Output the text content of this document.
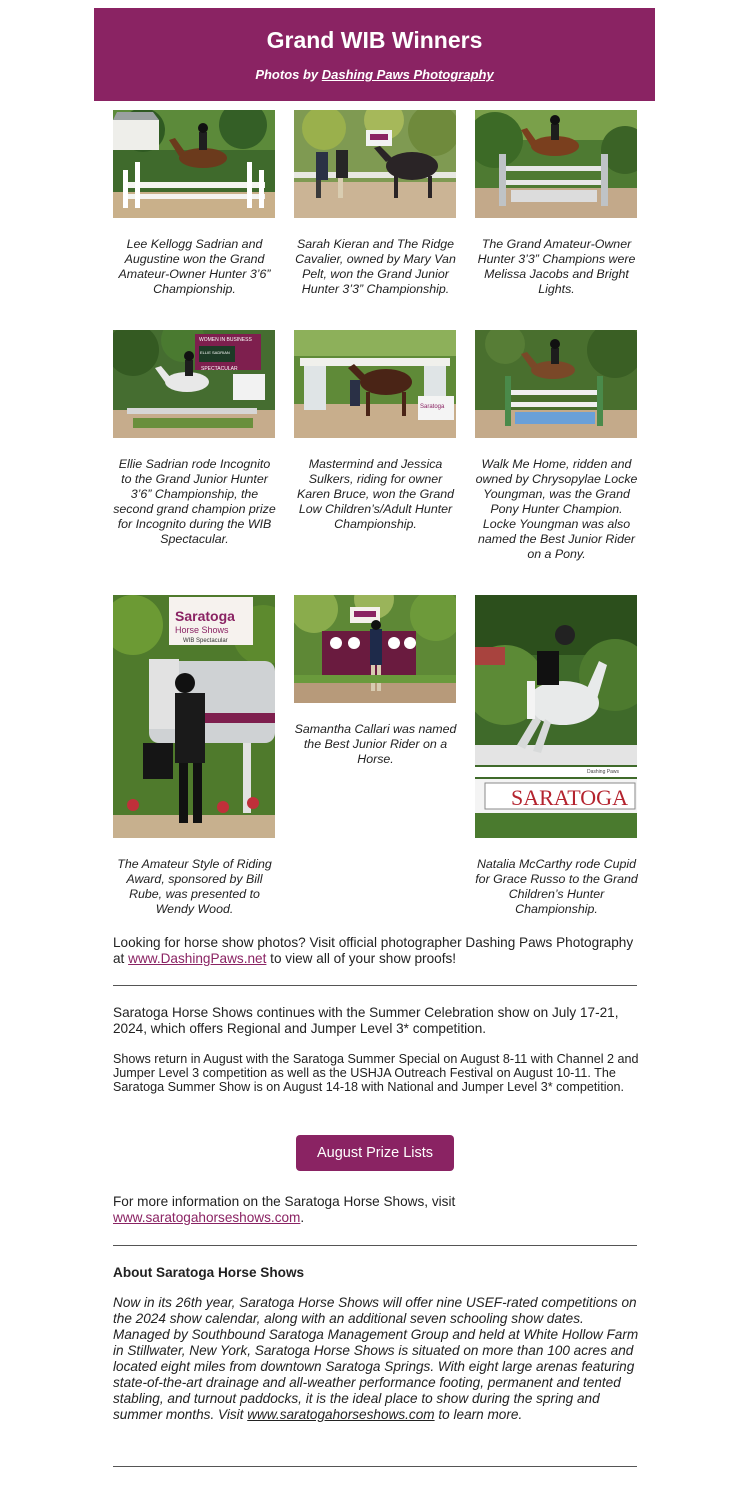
Grand WIB Winners
Photos by Dashing Paws Photography
Lee Kellogg Sadrian and Augustine won the Grand Amateur-Owner Hunter 3’6” Championship.
Sarah Kieran and The Ridge Cavalier, owned by Mary Van Pelt, won the Grand Junior Hunter 3’3” Championship.
The Grand Amateur-Owner Hunter 3’3” Champions were Melissa Jacobs and Bright Lights.
WOMEN IN BUSINESS
ELLIE SADRIAN
SPECTACULAR
Ellie Sadrian rode Incognito to the Grand Junior Hunter 3’6” Championship, the second grand champion prize for Incognito during the WIB Spectacular.
Saratoga
Mastermind and Jessica Sulkers, riding for owner Karen Bruce, won the Grand Low Children’s/Adult Hunter Championship.
Walk Me Home, ridden and owned by Chrysopylae Locke Youngman, was the Grand Pony Hunter Champion. Locke Youngman was also named the Best Junior Rider on a Pony.
Saratoga
Horse Shows
WIB Spectacular
The Amateur Style of Riding Award, sponsored by Bill Rube, was presented to Wendy Wood.
Samantha Callari was named the Best Junior Rider on a Horse.
SARATOGA
Dashing Paws
Natalia McCarthy rode Cupid for Grace Russo to the Grand Children’s Hunter Championship.
Looking for horse show photos? Visit official photographer Dashing Paws Photography at www.DashingPaws.net to view all of your show proofs!
Saratoga Horse Shows continues with the Summer Celebration show on July 17-21, 2024, which offers Regional and Jumper Level 3* competition.
Shows return in August with the Saratoga Summer Special on August 8-11 with Channel 2 and Jumper Level 3 competition as well as the USHJA Outreach Festival on August 10-11. The Saratoga Summer Show is on August 14-18 with National and Jumper Level 3* competition.
August Prize Lists
For more information on the Saratoga Horse Shows, visit
www.saratogahorseshows.com.
About Saratoga Horse Shows
Now in its 26th year, Saratoga Horse Shows will offer nine USEF-rated competitions on the 2024 show calendar, along with an additional seven schooling show dates. Managed by Southbound Saratoga Management Group and held at White Hollow Farm in Stillwater, New York, Saratoga Horse Shows is situated on more than 100 acres and located eight miles from downtown Saratoga Springs. With eight large arenas featuring state-of-the-art drainage and all-weather performance footing, permanent and tented stabling, and turnout paddocks, it is the ideal place to show during the spring and summer months. Visit www.saratogahorseshows.com to learn more.
